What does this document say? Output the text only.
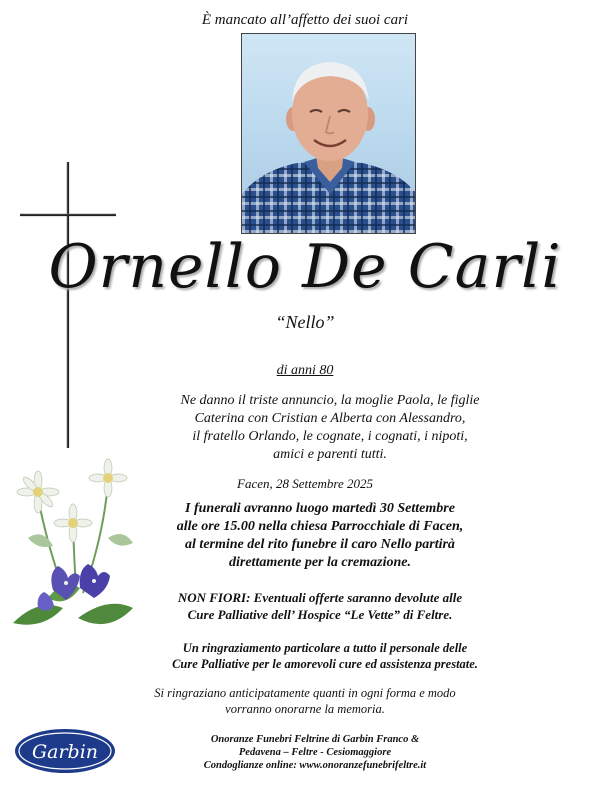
È mancato all’affetto dei suoi cari
Ornello De Carli
“Nello”
di anni 80
Ne danno il triste annuncio, la moglie Paola, le figlie
Caterina con Cristian e Alberta con Alessandro,
il fratello Orlando, le cognate, i cognati, i nipoti,
amici e parenti tutti.
Facen, 28 Settembre 2025
I funerali avranno luogo martedì 30 Settembre
alle ore 15.00 nella chiesa Parrocchiale di Facen,
al termine del rito funebre il caro Nello partirà
direttamente per la cremazione.
NON FIORI: Eventuali offerte saranno devolute alle
Cure Palliative dell’ Hospice “Le Vette” di Feltre.
Un ringraziamento particolare a tutto il personale delle
Cure Palliative per le amorevoli cure ed assistenza prestate.
Si ringraziano anticipatamente quanti in ogni forma e modo
vorranno onorarne la memoria.
Garbin
Onoranze Funebri Feltrine di Garbin Franco &
Pedavena – Feltre - Cesiomaggiore
Condoglianze online: www.onoranzefunebrifeltre.it
